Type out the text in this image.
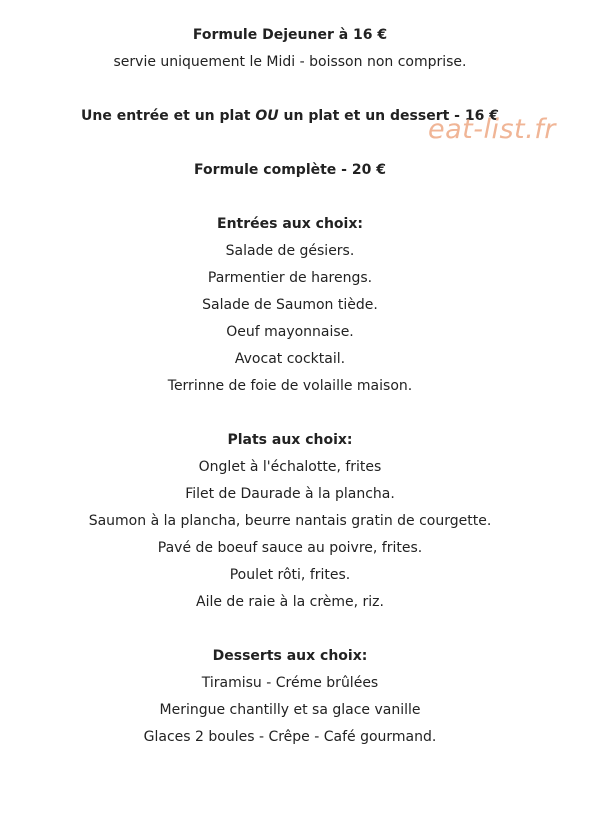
Formule Dejeuner à 16 €
servie uniquement le Midi - boisson non comprise.
Une entrée et un plat OU un plat et un dessert - 16 €
Formule complète - 20 €
Entrées aux choix:
Salade de gésiers.
Parmentier de harengs.
Salade de Saumon tiède.
Oeuf mayonnaise.
Avocat cocktail.
Terrinne de foie de volaille maison.
Plats aux choix:
Onglet à l'échalotte, frites
Filet de Daurade à la plancha.
Saumon à la plancha, beurre nantais gratin de courgette.
Pavé de boeuf sauce au poivre, frites.
Poulet rôti, frites.
Aile de raie à la crème, riz.
Desserts aux choix:
Tiramisu - Créme brûlées
Meringue chantilly et sa glace vanille
Glaces 2 boules - Crêpe - Café gourmand.
eat-list.fr
